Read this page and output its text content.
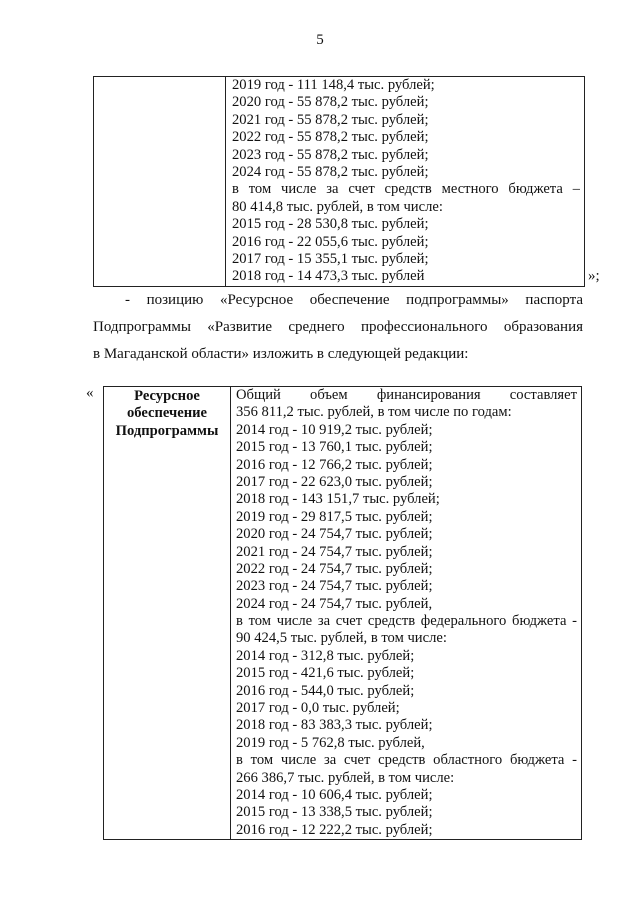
5

2019 год - 111 148,4 тыс. рублей;
2020 год - 55 878,2 тыс. рублей;
2021 год - 55 878,2 тыс. рублей;
2022 год - 55 878,2 тыс. рублей;
2023 год - 55 878,2 тыс. рублей;
2024 год - 55 878,2 тыс. рублей;
в том числе за счет средств местного бюджета –
80 414,8 тыс. рублей, в том числе:
2015 год - 28 530,8 тыс. рублей;
2016 год - 22 055,6 тыс. рублей;
2017 год - 15 355,1 тыс. рублей;
2018 год - 14 473,3 тыс. рублей	»;
- позицию «Ресурсное обеспечение подпрограммы» паспорта
Подпрограммы «Развитие среднего профессионального образования
в Магаданской области» изложить в следующей редакции:
«	Ресурсное
обеспечение
Подпрограммы

Общий объем финансирования составляет
356 811,2 тыс. рублей, в том числе по годам:
2014 год - 10 919,2 тыс. рублей;
2015 год - 13 760,1 тыс. рублей;
2016 год - 12 766,2 тыс. рублей;
2017 год - 22 623,0 тыс. рублей;
2018 год - 143 151,7 тыс. рублей;
2019 год - 29 817,5 тыс. рублей;
2020 год - 24 754,7 тыс. рублей;
2021 год - 24 754,7 тыс. рублей;
2022 год - 24 754,7 тыс. рублей;
2023 год - 24 754,7 тыс. рублей;
2024 год - 24 754,7 тыс. рублей,
в том числе за счет средств федерального бюджета -
90 424,5 тыс. рублей, в том числе:
2014 год - 312,8 тыс. рублей;
2015 год - 421,6 тыс. рублей;
2016 год - 544,0 тыс. рублей;
2017 год - 0,0 тыс. рублей;
2018 год - 83 383,3 тыс. рублей;
2019 год - 5 762,8 тыс. рублей,
в том числе за счет средств областного бюджета -
266 386,7 тыс. рублей, в том числе:
2014 год - 10 606,4 тыс. рублей;
2015 год - 13 338,5 тыс. рублей;
2016 год - 12 222,2 тыс. рублей;
